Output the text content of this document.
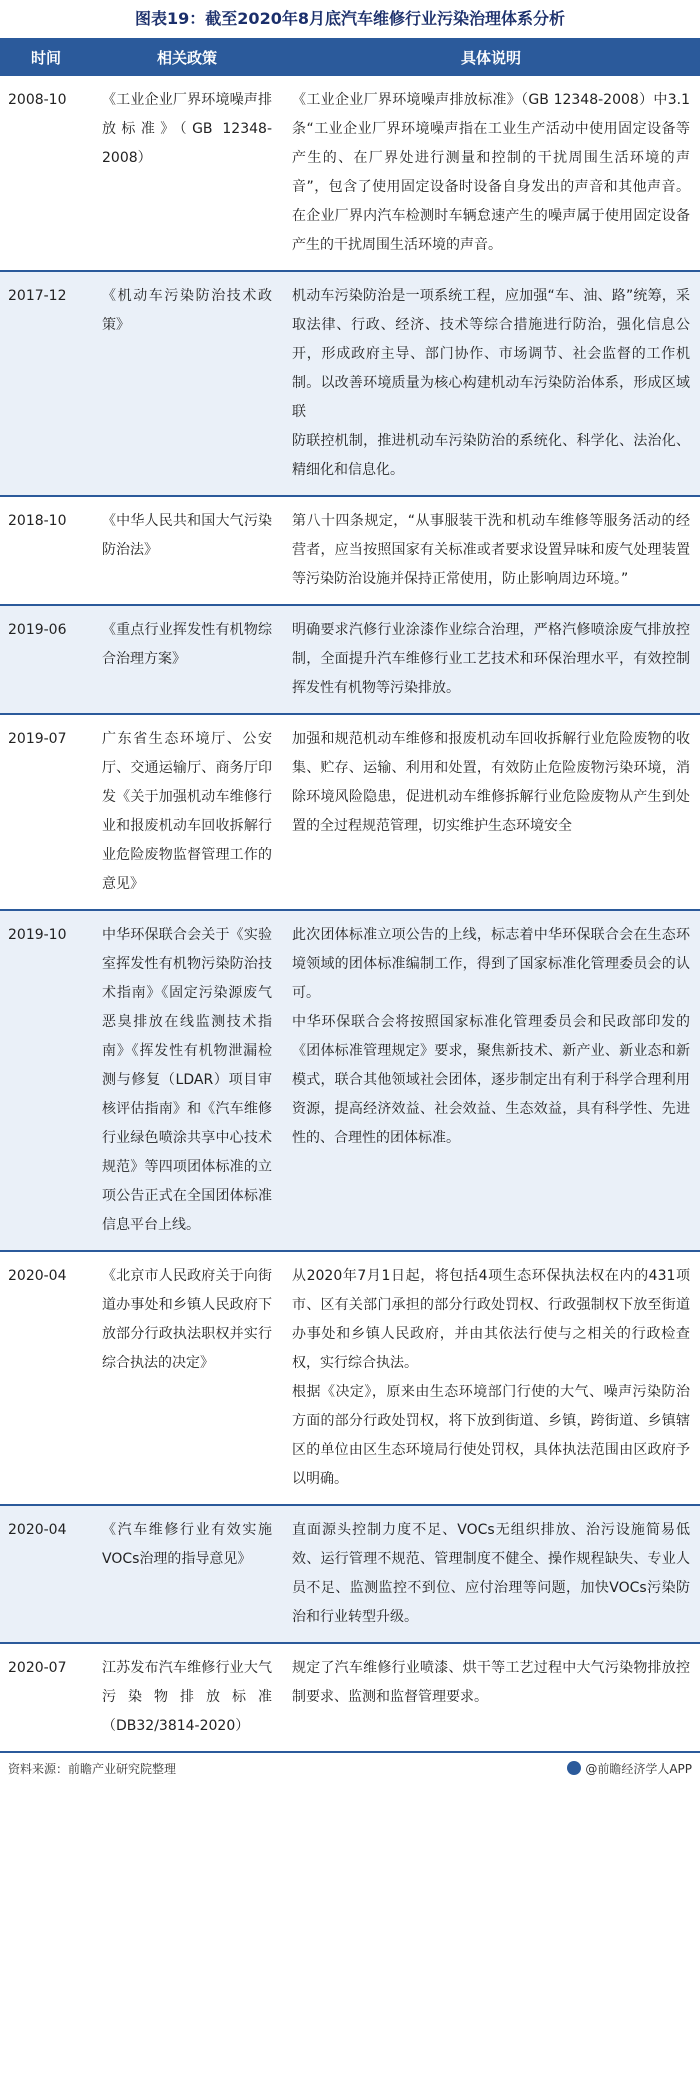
图表19：截至2020年8月底汽车维修行业污染治理体系分析
时间	相关政策	具体说明
2008-10	《工业企业厂界环境噪声排放标准》（GB 12348-2008）	《工业企业厂界环境噪声排放标准》（GB 12348-2008）中3.1条“工业企业厂界环境噪声指在工业生产活动中使用固定设备等产生的、在厂界处进行测量和控制的干扰周围生活环境的声音”，包含了使用固定设备时设备自身发出的声音和其他声音。在企业厂界内汽车检测时车辆怠速产生的噪声属于使用固定设备产生的干扰周围生活环境的声音。

2017-12	《机动车污染防治技术政策》	机动车污染防治是一项系统工程，应加强“车、油、路”统筹，采取法律、行政、经济、技术等综合措施进行防治，强化信息公开，形成政府主导、部门协作、市场调节、社会监督的工作机制。以改善环境质量为核心构建机动车污染防治体系，形成区域联

防联控机制，推进机动车污染防治的系统化、科学化、法治化、精细化和信息化。

2018-10	《中华人民共和国大气污染防治法》	第八十四条规定，“从事服装干洗和机动车维修等服务活动的经营者，应当按照国家有关标准或者要求设置异味和废气处理装置等污染防治设施并保持正常使用，防止影响周边环境。”

2019-06	《重点行业挥发性有机物综合治理方案》	明确要求汽修行业涂漆作业综合治理，严格汽修喷涂废气排放控制，全面提升汽车维修行业工艺技术和环保治理水平，有效控制挥发性有机物等污染排放。

2019-07	广东省生态环境厅、公安厅、交通运输厅、商务厅印发《关于加强机动车维修行业和报废机动车回收拆解行业危险废物监督管理工作的意见》	加强和规范机动车维修和报废机动车回收拆解行业危险废物的收集、贮存、运输、利用和处置，有效防止危险废物污染环境，消除环境风险隐患，促进机动车维修拆解行业危险废物从产生到处置的全过程规范管理，切实维护生态环境安全

2019-10	中华环保联合会关于《实验室挥发性有机物污染防治技术指南》《固定污染源废气恶臭排放在线监测技术指南》《挥发性有机物泄漏检测与修复（LDAR）项目审核评估指南》和《汽车维修行业绿色喷涂共享中心技术规范》等四项团体标准的立项公告正式在全国团体标准信息平台上线。	此次团体标准立项公告的上线，标志着中华环保联合会在生态环境领域的团体标准编制工作，得到了国家标准化管理委员会的认可。

中华环保联合会将按照国家标准化管理委员会和民政部印发的《团体标准管理规定》要求，聚焦新技术、新产业、新业态和新模式，联合其他领域社会团体，逐步制定出有利于科学合理利用资源，提高经济效益、社会效益、生态效益，具有科学性、先进性的、合理性的团体标准。

2020-04	《北京市人民政府关于向街道办事处和乡镇人民政府下放部分行政执法职权并实行综合执法的决定》	从2020年7月1日起，将包括4项生态环保执法权在内的431项市、区有关部门承担的部分行政处罚权、行政强制权下放至街道办事处和乡镇人民政府，并由其依法行使与之相关的行政检查权，实行综合执法。

根据《决定》，原来由生态环境部门行使的大气、噪声污染防治方面的部分行政处罚权，将下放到街道、乡镇，跨街道、乡镇辖区的单位由区生态环境局行使处罚权，具体执法范围由区政府予以明确。

2020-04	《汽车维修行业有效实施VOCs治理的指导意见》	直面源头控制力度不足、VOCs无组织排放、治污设施简易低效、运行管理不规范、管理制度不健全、操作规程缺失、专业人员不足、监测监控不到位、应付治理等问题，加快VOCs污染防治和行业转型升级。

2020-07	江苏发布汽车维修行业大气污染物排放标准（DB32/3814-2020）	规定了汽车维修行业喷漆、烘干等工艺过程中大气污染物排放控制要求、监测和监督管理要求。

资料来源：前瞻产业研究院整理	@前瞻经济学人APP
